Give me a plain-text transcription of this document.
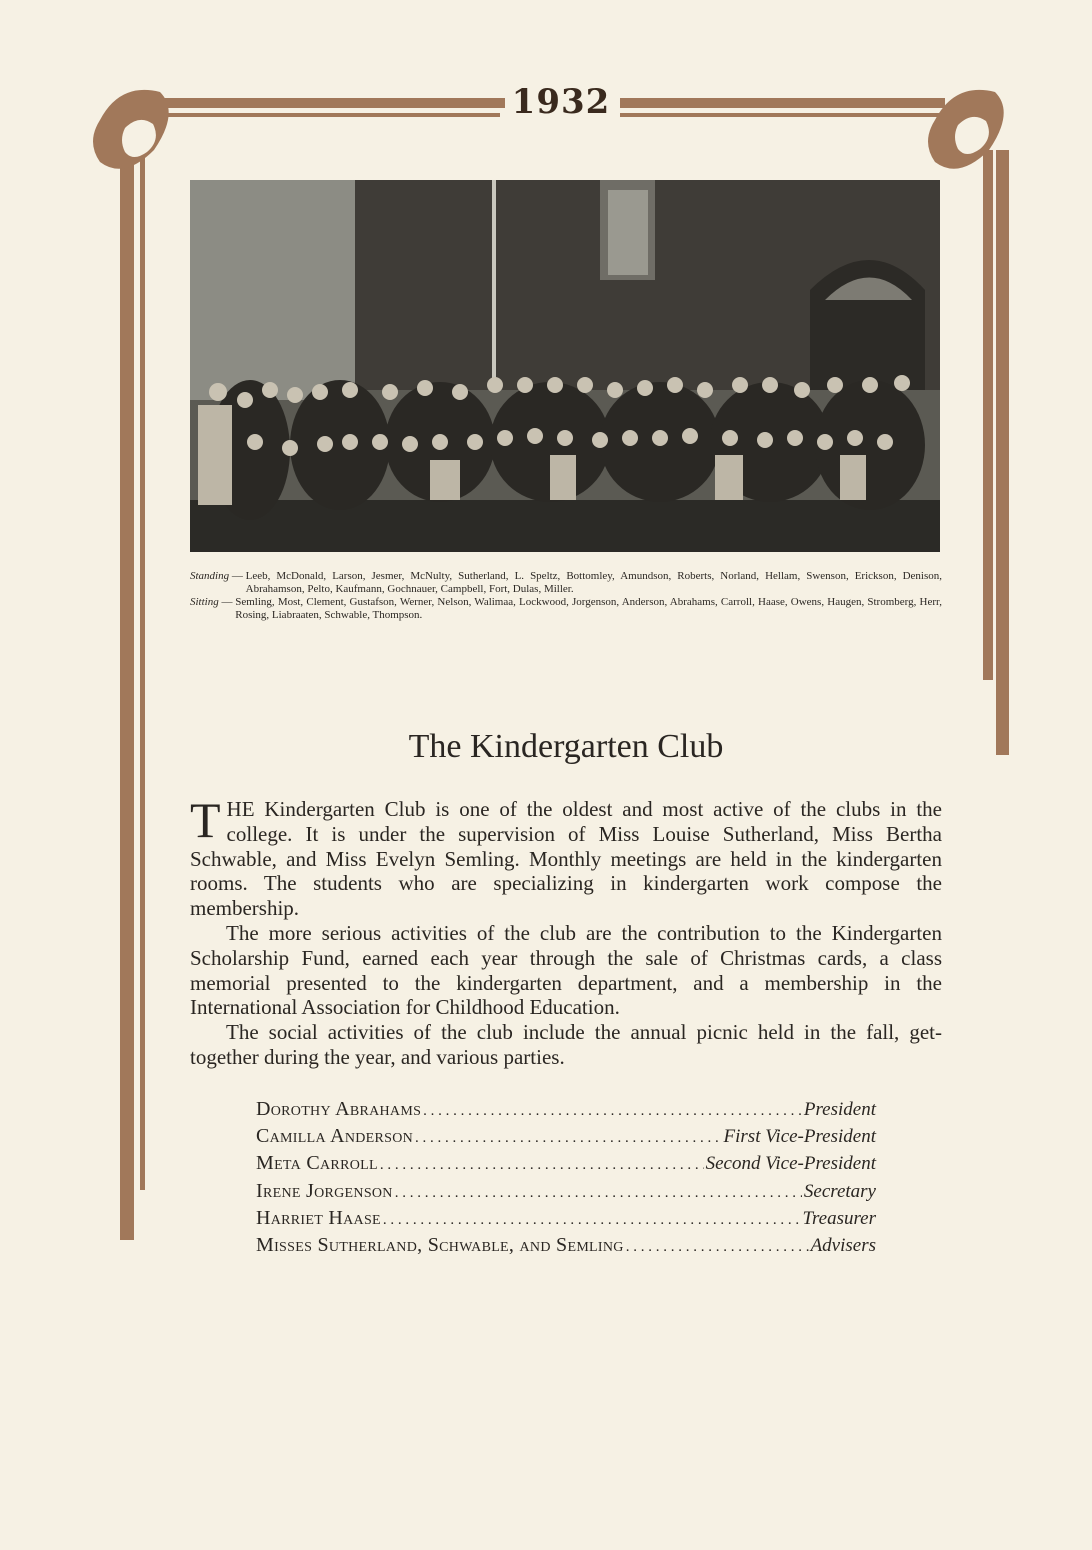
1932
Standing — Leeb, McDonald, Larson, Jesmer, McNulty, Sutherland, L. Speltz, Bottomley, Amundson, Roberts, Norland, Hellam, Swenson, Erickson, Denison, Abrahamson, Pelto, Kaufmann, Gochnauer, Campbell, Fort, Dulas, Miller.
Sitting — Semling, Most, Clement, Gustafson, Werner, Nelson, Walimaa, Lockwood, Jorgenson, Anderson, Abrahams, Carroll, Haase, Owens, Haugen, Stromberg, Herr, Rosing, Liabraaten, Schwable, Thompson.
The Kindergarten Club

THE Kindergarten Club is one of the oldest and most active of the clubs in the college. It is under the supervision of Miss Louise Sutherland, Miss Bertha Schwable, and Miss Evelyn Semling. Monthly meetings are held in the kindergarten rooms. The students who are specializing in kindergarten work compose the membership.

The more serious activities of the club are the contribution to the Kindergarten Scholarship Fund, earned each year through the sale of Christmas cards, a class memorial presented to the kindergarten department, and a membership in the International Association for Childhood Education.

The social activities of the club include the annual picnic held in the fall, get-together during the year, and various parties.

Dorothy Abrahams . . .	President
Camilla Anderson . . .	First Vice-President
Meta Carroll . . .	Second Vice-President
Irene Jorgenson . . .	Secretary
Harriet Haase . . .	Treasurer
Misses Sutherland, Schwable, and Semling . . .	Advisers
